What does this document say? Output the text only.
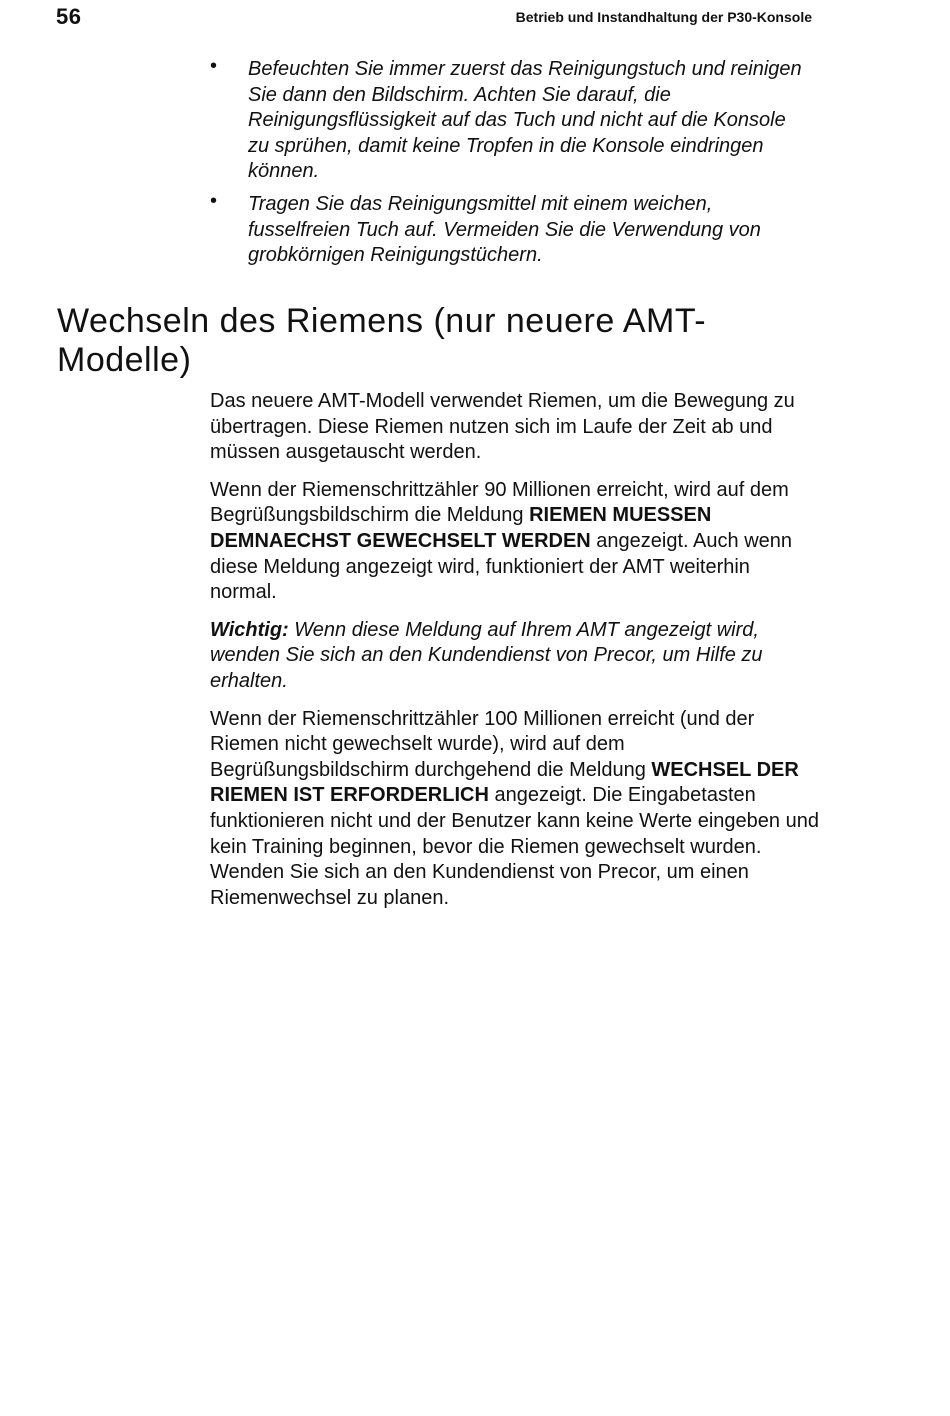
56	Betrieb und Instandhaltung der P30-Konsole
• Befeuchten Sie immer zuerst das Reinigungstuch und reinigen Sie dann den Bildschirm. Achten Sie darauf, die Reinigungsflüssigkeit auf das Tuch und nicht auf die Konsole zu sprühen, damit keine Tropfen in die Konsole eindringen können.
• Tragen Sie das Reinigungsmittel mit einem weichen, fusselfreien Tuch auf. Vermeiden Sie die Verwendung von grobkörnigen Reinigungstüchern.
Wechseln des Riemens (nur neuere AMT-Modelle)

Das neuere AMT-Modell verwendet Riemen, um die Bewegung zu übertragen. Diese Riemen nutzen sich im Laufe der Zeit ab und müssen ausgetauscht werden.

Wenn der Riemenschrittzähler 90 Millionen erreicht, wird auf dem Begrüßungsbildschirm die Meldung RIEMEN MUESSEN DEMNAECHST GEWECHSELT WERDEN angezeigt. Auch wenn diese Meldung angezeigt wird, funktioniert der AMT weiterhin normal.

Wichtig: Wenn diese Meldung auf Ihrem AMT angezeigt wird, wenden Sie sich an den Kundendienst von Precor, um Hilfe zu erhalten.

Wenn der Riemenschrittzähler 100 Millionen erreicht (und der Riemen nicht gewechselt wurde), wird auf dem Begrüßungsbildschirm durchgehend die Meldung WECHSEL DER RIEMEN IST ERFORDERLICH angezeigt. Die Eingabetasten funktionieren nicht und der Benutzer kann keine Werte eingeben und kein Training beginnen, bevor die Riemen gewechselt wurden. Wenden Sie sich an den Kundendienst von Precor, um einen Riemenwechsel zu planen.
